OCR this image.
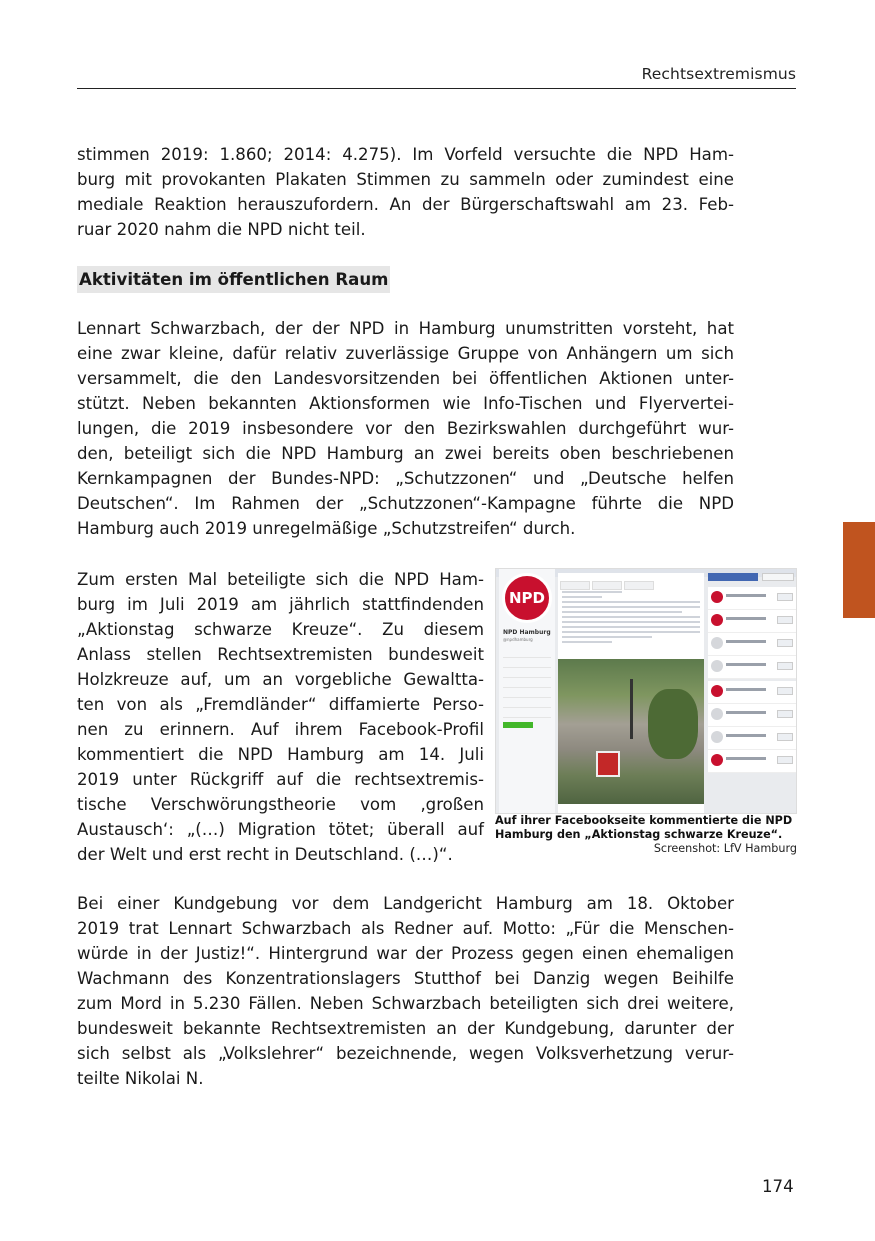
Rechtsextremismus

stimmen 2019: 1.860; 2014: 4.275). Im Vorfeld versuchte die NPD Ham-
burg mit provokanten Plakaten Stimmen zu sammeln oder zumindest eine
mediale Reaktion herauszufordern. An der Bürgerschaftswahl am 23. Feb-
ruar 2020 nahm die NPD nicht teil.

Aktivitäten im öffentlichen Raum

Lennart Schwarzbach, der der NPD in Hamburg unumstritten vorsteht, hat
eine zwar kleine, dafür relativ zuverlässige Gruppe von Anhängern um sich
versammelt, die den Landesvorsitzenden bei öffentlichen Aktionen unter-
stützt. Neben bekannten Aktionsformen wie Info-Tischen und Flyervertei-
lungen, die 2019 insbesondere vor den Bezirkswahlen durchgeführt wur-
den, beteiligt sich die NPD Hamburg an zwei bereits oben beschriebenen
Kernkampagnen der Bundes-NPD: „Schutzzonen“ und „Deutsche helfen
Deutschen“. Im Rahmen der „Schutzzonen“-Kampagne führte die NPD
Hamburg auch 2019 unregelmäßige „Schutzstreifen“ durch.

Zum ersten Mal beteiligte sich die NPD Ham-
burg im Juli 2019 am jährlich stattfindenden
„Aktionstag schwarze Kreuze“. Zu diesem
Anlass stellen Rechtsextremisten bundesweit
Holzkreuze auf, um an vorgebliche Gewaltta-
ten von als „Fremdländer“ diffamierte Perso-
nen zu erinnern. Auf ihrem Facebook-Profil
kommentiert die NPD Hamburg am 14. Juli
2019 unter Rückgriff auf die rechtsextremis-
tische Verschwörungstheorie vom ‚großen
Austausch‘: „(…) Migration tötet; überall auf
der Welt und erst recht in Deutschland. (…)“.

NPD
NPD Hamburg
@npdhamburg
Auf ihrer Facebookseite kommentierte die NPD
Hamburg den „Aktionstag schwarze Kreuze“.
Screenshot: LfV Hamburg

Bei einer Kundgebung vor dem Landgericht Hamburg am 18. Oktober
2019 trat Lennart Schwarzbach als Redner auf. Motto: „Für die Menschen-
würde in der Justiz!“. Hintergrund war der Prozess gegen einen ehemaligen
Wachmann des Konzentrationslagers Stutthof bei Danzig wegen Beihilfe
zum Mord in 5.230 Fällen. Neben Schwarzbach beteiligten sich drei weitere,
bundesweit bekannte Rechtsextremisten an der Kundgebung, darunter der
sich selbst als „Volkslehrer“ bezeichnende, wegen Volksverhetzung verur-
teilte Nikolai N.

174
